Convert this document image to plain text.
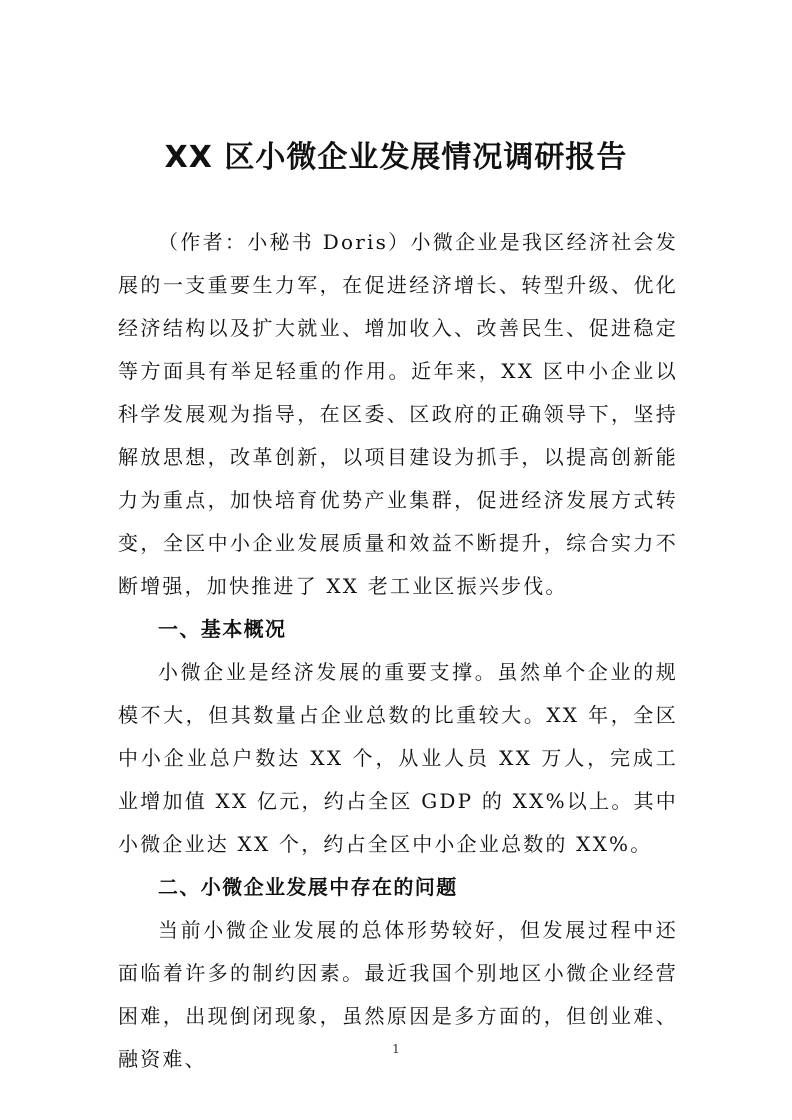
XX 区小微企业发展情况调研报告

（作者：小秘书 Doris）小微企业是我区经济社会发展的一支重要生力军，在促进经济增长、转型升级、优化经济结构以及扩大就业、增加收入、改善民生、促进稳定等方面具有举足轻重的作用。近年来，XX 区中小企业以科学发展观为指导，在区委、区政府的正确领导下，坚持解放思想，改革创新，以项目建设为抓手，以提高创新能力为重点，加快培育优势产业集群，促进经济发展方式转变，全区中小企业发展质量和效益不断提升，综合实力不断增强，加快推进了 XX 老工业区振兴步伐。

一、基本概况

小微企业是经济发展的重要支撑。虽然单个企业的规模不大，但其数量占企业总数的比重较大。XX 年，全区中小企业总户数达 XX 个，从业人员 XX 万人，完成工业增加值 XX 亿元，约占全区 GDP 的 XX%以上。其中小微企业达 XX 个，约占全区中小企业总数的 XX%。

二、小微企业发展中存在的问题

当前小微企业发展的总体形势较好，但发展过程中还面临着许多的制约因素。最近我国个别地区小微企业经营困难，出现倒闭现象，虽然原因是多方面的，但创业难、融资难、	1
